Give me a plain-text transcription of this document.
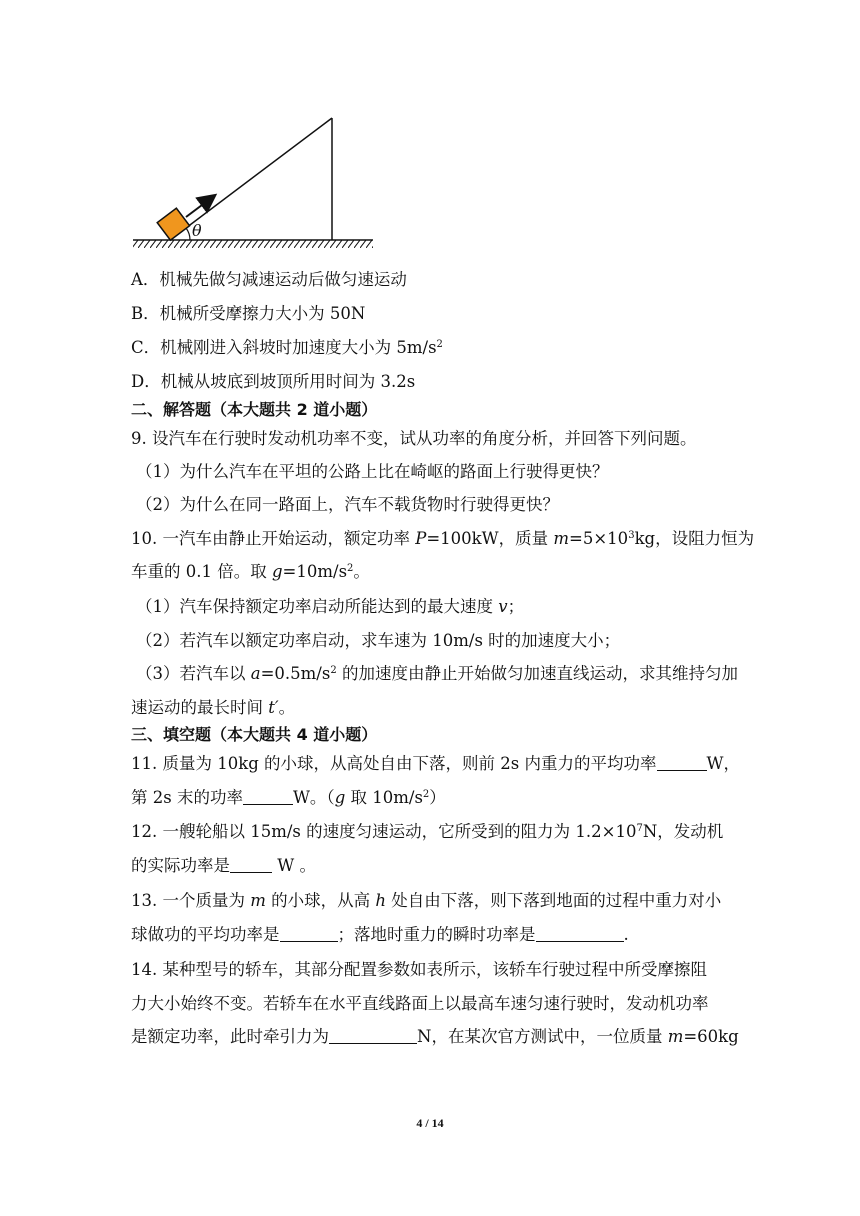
θ
A．机械先做匀减速运动后做匀速运动
B．机械所受摩擦力大小为 50N
C．机械刚进入斜坡时加速度大小为 $5m/s^2$
D．机械从坡底到坡顶所用时间为 3.2s
二、解答题（本大题共 2 道小题）
9. 设汽车在行驶时发动机功率不变，试从功率的角度分析，并回答下列问题。
（1）为什么汽车在平坦的公路上比在崎岖的路面上行驶得更快？
（2）为什么在同一路面上，汽车不载货物时行驶得更快？
10. 一汽车由静止开始运动，额定功率 P=100kW，质量 $m=5\times 10^3kg$，设阻力恒为
车重的 0.1 倍。取 $g=10m/s^2$。
（1）汽车保持额定功率启动所能达到的最大速度 v；
（2）若汽车以额定功率启动，求车速为 10m/s 时的加速度大小；
（3）若汽车以 $a=0.5m/s^2$ 的加速度由静止开始做匀加速直线运动，求其维持匀加
速运动的最长时间 t′。
三、填空题（本大题共 4 道小题）
11. 质量为 10kg 的小球，从高处自由下落，则前 2s 内重力的平均功率	W，
第 2s 末的功率	W。（g 取 $10m/s^2$）
12. 一艘轮船以 15m/s 的速度匀速运动，它所受到的阻力为 $1.2\times 10^7N$，发动机
的实际功率是	W 。
13. 一个质量为 m 的小球，从高 h 处自由下落，则下落到地面的过程中重力对小
球做功的平均功率是	；落地时重力的瞬时功率是	.
14. 某种型号的轿车，其部分配置参数如表所示，该轿车行驶过程中所受摩擦阻
力大小始终不变。若轿车在水平直线路面上以最高车速匀速行驶时，发动机功率
是额定功率，此时牵引力为	N，在某次官方测试中，一位质量 m=60kg
4 / 14
